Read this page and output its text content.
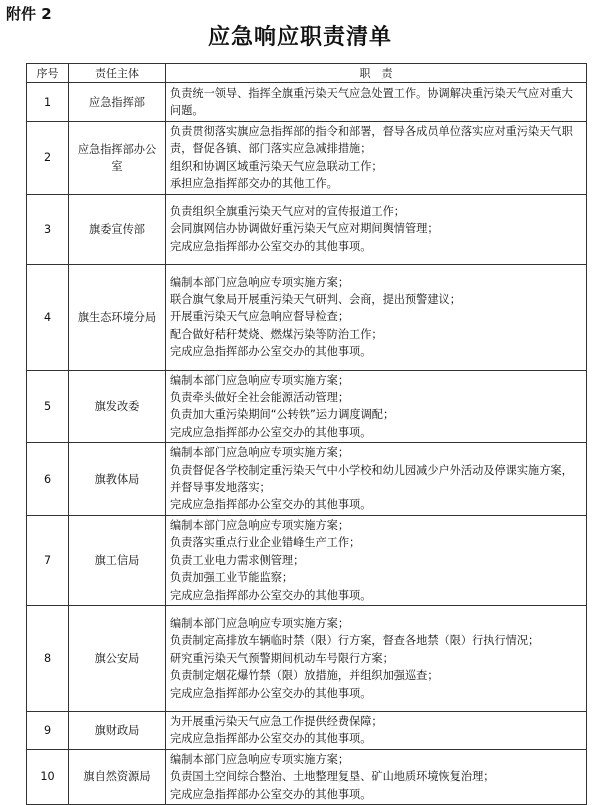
附件 2
应急响应职责清单
序号	责任主体	职　责
1	应急指挥部	负责统一领导、指挥全旗重污染天气应急处置工作。协调解决重污染天气应对重大问题。

2	应急指挥部办公室	负责贯彻落实旗应急指挥部的指令和部署，督导各成员单位落实应对重污染天气职责，督促各镇、部门落实应急减排措施；
组织和协调区域重污染天气应急联动工作；
承担应急指挥部交办的其他工作。

3	旗委宣传部	负责组织全旗重污染天气应对的宣传报道工作；
会同旗网信办协调做好重污染天气应对期间舆情管理；
完成应急指挥部办公室交办的其他事项。

4	旗生态环境分局	编制本部门应急响应专项实施方案；
联合旗气象局开展重污染天气研判、会商，提出预警建议；
开展重污染天气应急响应督导检查；
配合做好秸秆焚烧、燃煤污染等防治工作；
完成应急指挥部办公室交办的其他事项。

5	旗发改委	编制本部门应急响应专项实施方案；
负责牵头做好全社会能源活动管理；
负责加大重污染期间“公转铁”运力调度调配；
完成应急指挥部办公室交办的其他事项。

6	旗教体局	编制本部门应急响应专项实施方案；
负责督促各学校制定重污染天气中小学校和幼儿园减少户外活动及停课实施方案，并督导事发地落实；
完成应急指挥部办公室交办的其他事项。

7	旗工信局	编制本部门应急响应专项实施方案；
负责落实重点行业企业错峰生产工作；
负责工业电力需求侧管理；
负责加强工业节能监察；
完成应急指挥部办公室交办的其他事项。

8	旗公安局	编制本部门应急响应专项实施方案；
负责制定高排放车辆临时禁（限）行方案，督查各地禁（限）行执行情况；
研究重污染天气预警期间机动车号限行方案；
负责制定烟花爆竹禁（限）放措施，并组织加强巡查；
完成应急指挥部办公室交办的其他事项。

9	旗财政局	为开展重污染天气应急工作提供经费保障；
完成应急指挥部办公室交办的其他事项。

10	旗自然资源局	编制本部门应急响应专项实施方案；
负责国土空间综合整治、土地整理复垦、矿山地质环境恢复治理；
完成应急指挥部办公室交办的其他事项。
